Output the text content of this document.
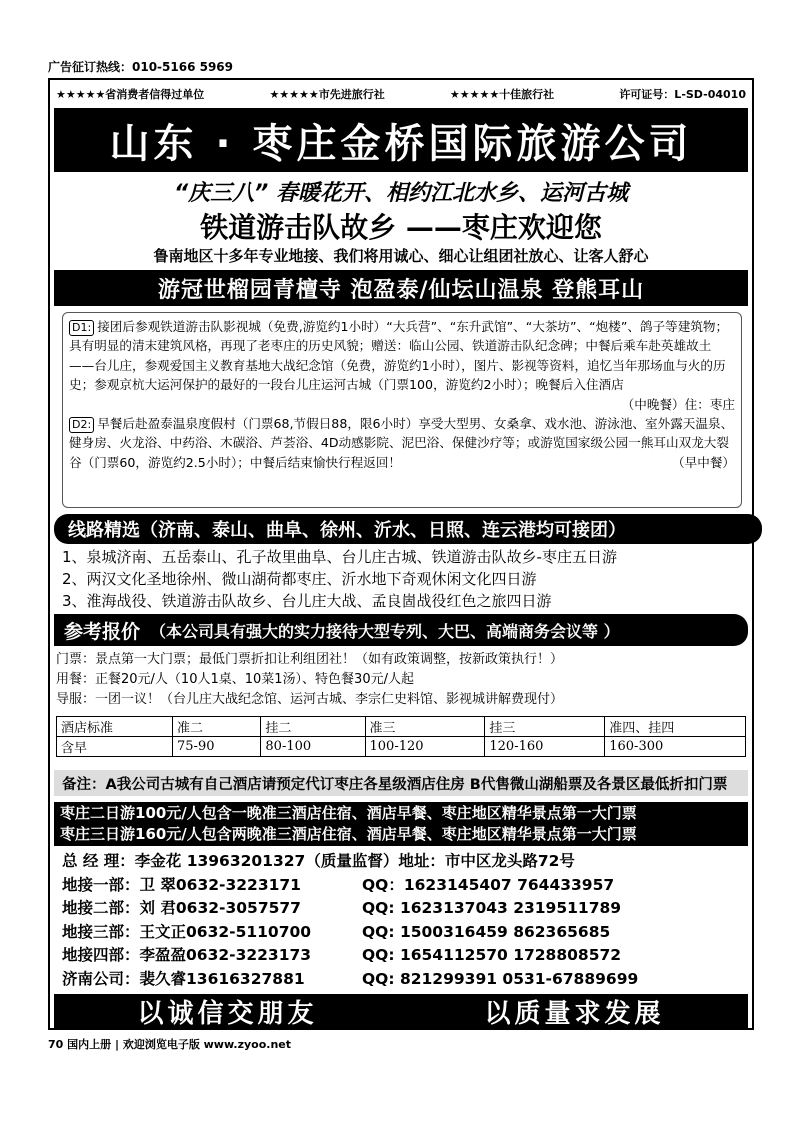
广告征订热线：010-5166 5969
★★★★★省消费者信得过单位	★★★★★市先进旅行社	★★★★★十佳旅行社	许可证号：L-SD-04010
山东 · 枣庄金桥国际旅游公司
“庆三八” 春暖花开、相约江北水乡、运河古城
铁道游击队故乡 ——枣庄欢迎您
鲁南地区十多年专业地接、我们将用诚心、细心让组团社放心、让客人舒心
游冠世榴园青檀寺 泡盈泰/仙坛山温泉 登熊耳山
D1: 接团后参观铁道游击队影视城（免费,游览约1小时）“大兵营”、“东升武馆”、“大茶坊”、“炮楼”、鸽子等建筑物；具有明显的清末建筑风格，再现了老枣庄的历史风貌；赠送：临山公园、铁道游击队纪念碑；中餐后乘车赴英雄故土——台儿庄，参观爱国主义教育基地大战纪念馆（免费，游览约1小时），图片、影视等资料，追忆当年那场血与火的历史；参观京杭大运河保护的最好的一段台儿庄运河古城（门票100，游览约2小时）；晚餐后入住酒店
（中晚餐）住：枣庄
D2: 早餐后赴盈泰温泉度假村（门票68,节假日88，限6小时）享受大型男、女桑拿、戏水池、游泳池、室外露天温泉、健身房、火龙浴、中药浴、木碳浴、芦荟浴、4D动感影院、泥巴浴、保健沙疗等；或游览国家级公园一熊耳山双龙大裂谷（门票60，游览约2.5小时）；中餐后结束愉快行程返回！	（早中餐）
线路精选（济南、泰山、曲阜、徐州、沂水、日照、连云港均可接团）
1、泉城济南、五岳泰山、孔子故里曲阜、台儿庄古城、铁道游击队故乡-枣庄五日游
2、两汉文化圣地徐州、微山湖荷都枣庄、沂水地下奇观休闲文化四日游
3、淮海战役、铁道游击队故乡、台儿庄大战、孟良崮战役红色之旅四日游
参考报价 （本公司具有强大的实力接待大型专列、大巴、高端商务会议等 ）
门票：景点第一大门票；最低门票折扣让利组团社！（如有政策调整，按新政策执行！）
用餐：正餐20元/人（10人1桌、10菜1汤）、特色餐30元/人起
导服：一团一议！（台儿庄大战纪念馆、运河古城、李宗仁史料馆、影视城讲解费现付）
酒店标准	准二	挂二	准三	挂三	准四、挂四
含早	75-90	80-100	100-120	120-160	160-300
备注：A我公司古城有自己酒店请预定代订枣庄各星级酒店住房 B代售微山湖船票及各景区最低折扣门票
枣庄二日游100元/人包含一晚准三酒店住宿、酒店早餐、枣庄地区精华景点第一大门票
枣庄三日游160元/人包含两晚准三酒店住宿、酒店早餐、枣庄地区精华景点第一大门票
总 经 理：李金花 13963201327（质量监督）地址：市中区龙头路72号
地接一部：卫 翠0632-3223171	QQ：1623145407 764433957
地接二部：刘 君0632-3057577	QQ: 1623137043 2319511789
地接三部：王文正0632-5110700	QQ: 1500316459 862365685
地接四部：李盈盈0632-3223173	QQ: 1654112570 1728808572
济南公司：裴久睿13616327881	QQ: 821299391 0531-67889699
以诚信交朋友	以质量求发展
70 国内上册 | 欢迎浏览电子版 www.zyoo.net
